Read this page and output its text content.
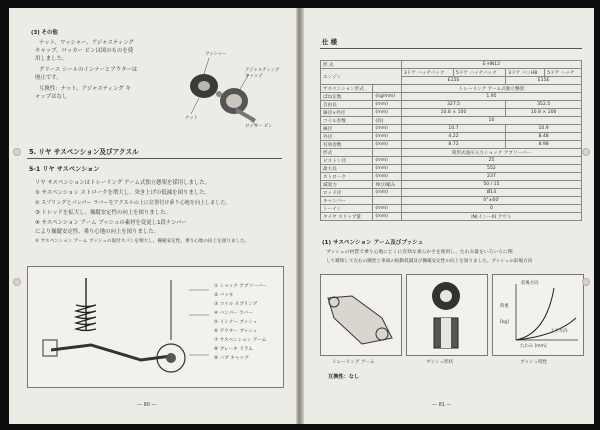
(3) その他
ナット、ワッシャー、アジャスティング
キャップ、ロッカー ピンは図のものを使
用しました。
グリース シールのインナーとアウターは
廃止です。
互換性：ナット、アジャスティング キ
ャップはなし
ワッシャー
アジャスティング キャップ
ナット
ロッカー ピン
5. リヤ サスペンション及びアクスル
5-1 リヤ サスペンション
リヤ サスペンションはトレーリング アーム式独立懸架を採用しました。
① サスペンション ストロークを増大し、突き上げの低減を図りました。
② スプリングとバンパー ラバーをアクスルの上に位置付け乗り心地を向上しました。
③ トレッドを拡大し、操縦安定性の向上を図りました。
④ サスペンション アーム ブッシュの素材を変更し1段ナンバー
により操縦安定性、乗り心地の向上を図りました。
⑤ サスペンション アーム ブッシュの取付スパンを増大し、操縦安定性、乗り心地の向上を図りました。
① ショック アブソーバー
② バッキ
③ コイル スプリング
④ バンパー ラバー
⑤ インナー ブッシュ
⑥ アウター ブッシュ
⑦ サスペンション アーム
⑧ ブレーキ ドラム
⑨ ハブ キャップ
— 80 —
仕 様
形 式		E-HN12			
エンジン		3ドア ハッチバック	5ドア ハッチバック	3ドア バンHB	5ドア ハッチ
		E15S		E15E	
サスペンション形式		トレーリング アーム式独立懸架			
ばね定数	(kg/mm)	1.95			
自由長	(mm)	327.5		352.5	
線径×外径	(mm)	10.8 × 100		10.8 × 100	
コイル巻数	(段)	10			
線径	(mm)	10.7		10.9	
外径	(mm)	4.22		8.48	
有効巻数	(mm)	8.72		8.98	
形式		筒形式油圧入りショック アブソーバー			
ピストン径	(mm)	25			
最大長	(mm)	552			
ストローク	(mm)	237			
減衰力	伸び/縮み	50 / 15			
ロッド径	(mm)	Ø14			
キャンバー		0°±60'			
トーイン	(mm)	0			
タイヤ スリップ量	(mm)	IN(インー0) アウト			
(1) サスペンション アーム及びブッシュ
ブッシュの材質で乗り心地にとくに有効な柔らかさを使用し、たわみ量をいろいろに関
して確保して左右の剛性と車両の振動低減及び操縦安定性の向上を図りました。ブッシュの前後方向
前後方向
上下方向
荷重
[kg]
たわみ [mm]
トレーリング アーム	ブッシュ形状	ブッシュ特性
互換性：なし
— 81 —
